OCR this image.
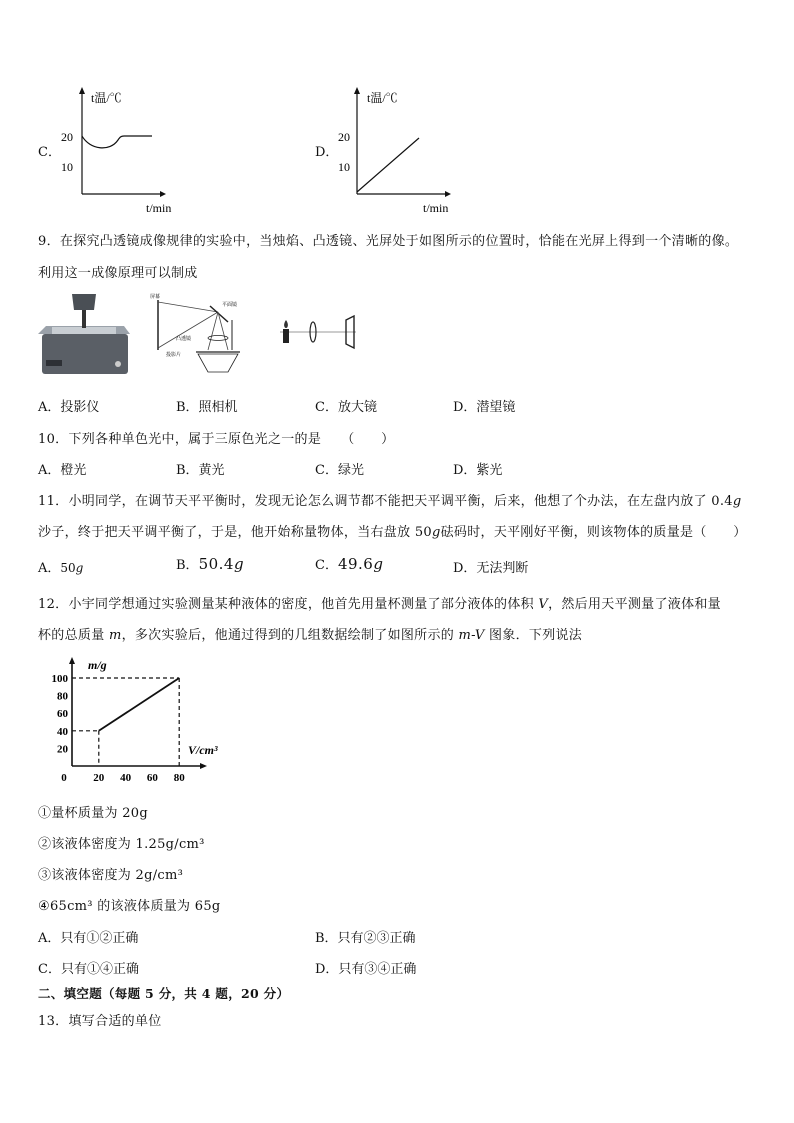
C．
t温/℃
20
10
t/min
D．
t温/℃
20
10
t/min
9．在探究凸透镜成像规律的实验中，当烛焰、凸透镜、光屏处于如图所示的位置时，恰能在光屏上得到一个清晰的像。
利用这一成像原理可以制成
屏幕
平面镜
凸透镜
投影片
A．投影仪	B．照相机	C．放大镜	D．潜望镜
10．下列各种单色光中，属于三原色光之一的是　　（　　）
A．橙光	B．黄光	C．绿光	D．紫光
11．小明同学，在调节天平平衡时，发现无论怎么调节都不能把天平调平衡，后来，他想了个办法，在左盘内放了 0.4g
沙子，终于把天平调平衡了，于是，他开始称量物体，当右盘放 50g砝码时，天平刚好平衡，则该物体的质量是（　　）
A．50g	B．50.4g	C．49.6g	D．无法判断
12．小宇同学想通过实验测量某种液体的密度，他首先用量杯测量了部分液体的体积 V，然后用天平测量了液体和量
杯的总质量 m，多次实验后，他通过得到的几组数据绘制了如图所示的 m-V 图象．下列说法
m/g
V/cm³
20
40
60
80
100
0 20 40 60 80
①量杯质量为 20g
②该液体密度为 1.25g/cm³
③该液体密度为 2g/cm³
④65cm³ 的该液体质量为 65g
A．只有①②正确	B．只有②③正确
C．只有①④正确	D．只有③④正确
二、填空题（每题 5 分，共 4 题，20 分）
13．填写合适的单位
